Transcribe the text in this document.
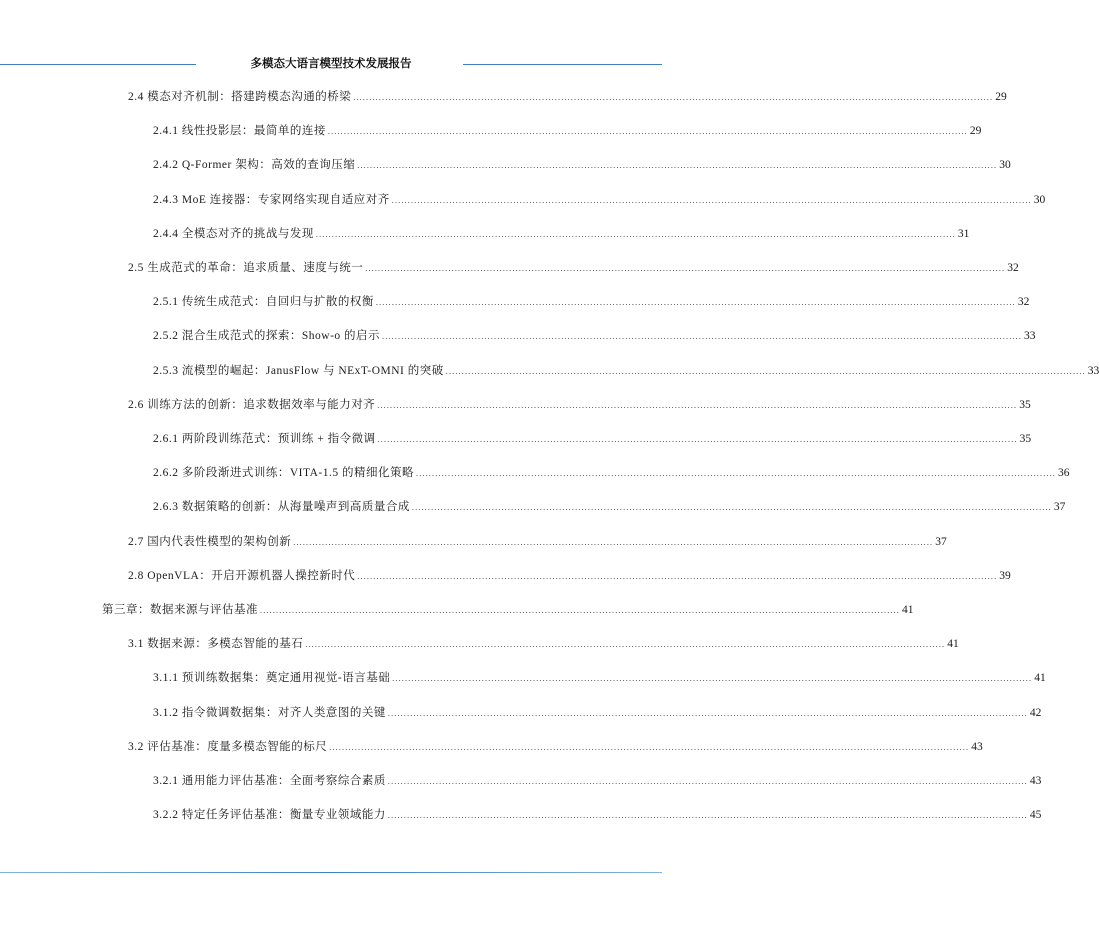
多模态大语言模型技术发展报告
2.4 模态对齐机制：搭建跨模态沟通的桥梁 ........................................................................................................................................................................................................ 29
2.4.1 线性投影层：最简单的连接 ........................................................................................................................................................................................................ 29
2.4.2 Q-Former 架构：高效的查询压缩 ........................................................................................................................................................................................................ 30
2.4.3 MoE 连接器：专家网络实现自适应对齐 ........................................................................................................................................................................................................ 30
2.4.4 全模态对齐的挑战与发现 ........................................................................................................................................................................................................ 31
2.5 生成范式的革命：追求质量、速度与统一 ........................................................................................................................................................................................................ 32
2.5.1 传统生成范式：自回归与扩散的权衡 ........................................................................................................................................................................................................ 32
2.5.2 混合生成范式的探索：Show-o 的启示 ........................................................................................................................................................................................................ 33
2.5.3 流模型的崛起：JanusFlow 与 NExT-OMNI 的突破 ........................................................................................................................................................................................................ 33
2.6 训练方法的创新：追求数据效率与能力对齐 ........................................................................................................................................................................................................ 35
2.6.1 两阶段训练范式：预训练 + 指令微调 ........................................................................................................................................................................................................ 35
2.6.2 多阶段渐进式训练：VITA-1.5 的精细化策略 ........................................................................................................................................................................................................ 36
2.6.3 数据策略的创新：从海量噪声到高质量合成 ........................................................................................................................................................................................................ 37
2.7 国内代表性模型的架构创新 ........................................................................................................................................................................................................ 37
2.8 OpenVLA：开启开源机器人操控新时代 ........................................................................................................................................................................................................ 39
第三章：数据来源与评估基准 ........................................................................................................................................................................................................ 41
3.1 数据来源：多模态智能的基石 ........................................................................................................................................................................................................ 41
3.1.1 预训练数据集：奠定通用视觉-语言基础 ........................................................................................................................................................................................................ 41
3.1.2 指令微调数据集：对齐人类意图的关键 ........................................................................................................................................................................................................ 42
3.2 评估基准：度量多模态智能的标尺 ........................................................................................................................................................................................................ 43
3.2.1 通用能力评估基准：全面考察综合素质 ........................................................................................................................................................................................................ 43
3.2.2 特定任务评估基准：衡量专业领域能力 ........................................................................................................................................................................................................ 45
